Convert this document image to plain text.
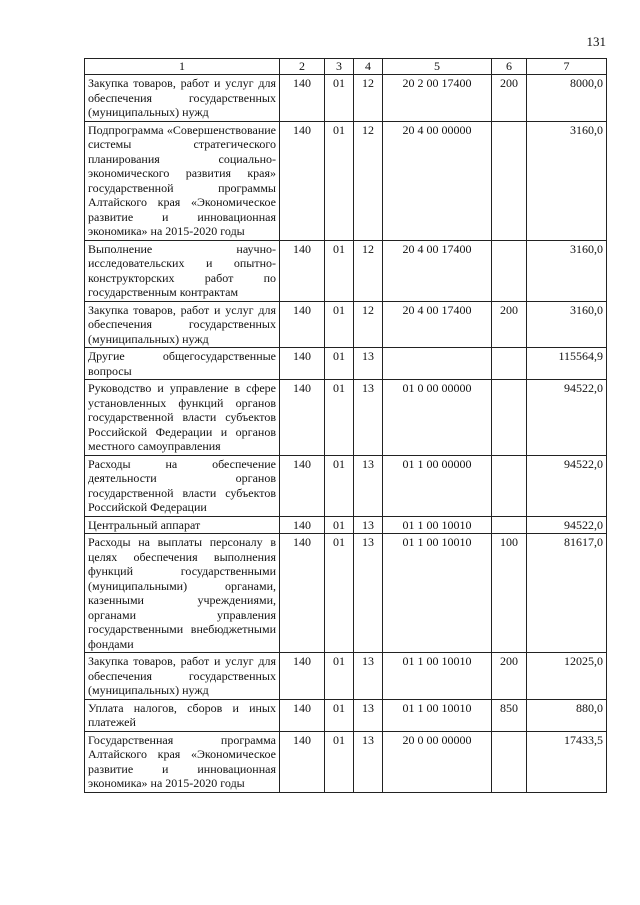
131
1	2	3	4	5	6	7
Закупка товаров, работ и услуг для обеспечения государственных (муниципальных) нужд	140	01	12	20 2 00 17400	200	8000,0
Подпрограмма «Совершенствование системы стратегического планирования социально-экономического развития края» государственной программы Алтайского края «Экономическое развитие и инновационная экономика» на 2015-2020 годы	140	01	12	20 4 00 00000		3160,0
Выполнение научно-исследовательских и опытно-конструкторских работ по государственным контрактам	140	01	12	20 4 00 17400		3160,0
Закупка товаров, работ и услуг для обеспечения государственных (муниципальных) нужд	140	01	12	20 4 00 17400	200	3160,0
Другие общегосударственные вопросы	140	01	13			115564,9
Руководство и управление в сфере установленных функций органов государственной власти субъектов Российской Федерации и органов местного самоуправления	140	01	13	01 0 00 00000		94522,0
Расходы на обеспечение деятельности органов государственной власти субъектов Российской Федерации	140	01	13	01 1 00 00000		94522,0
Центральный аппарат	140	01	13	01 1 00 10010		94522,0
Расходы на выплаты персоналу в целях обеспечения выполнения функций государственными (муниципальными) органами, казенными учреждениями, органами управления государственными внебюджетными фондами	140	01	13	01 1 00 10010	100	81617,0
Закупка товаров, работ и услуг для обеспечения государственных (муниципальных) нужд	140	01	13	01 1 00 10010	200	12025,0
Уплата налогов, сборов и иных платежей	140	01	13	01 1 00 10010	850	880,0
Государственная программа Алтайского края «Экономическое развитие и инновационная экономика» на 2015-2020 годы	140	01	13	20 0 00 00000		17433,5
